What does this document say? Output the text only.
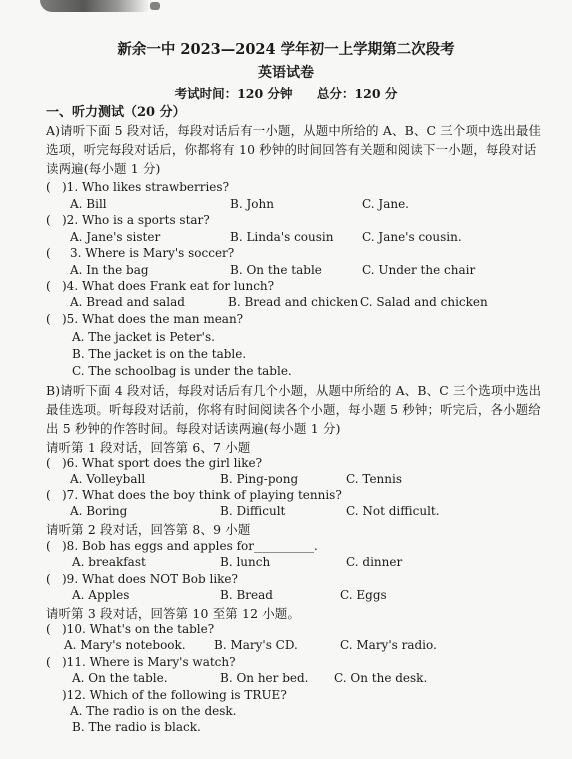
新余一中 2023—2024 学年初一上学期第二次段考
英语试卷
考试时间：120 分钟 总分：120 分
一、听力测试（20 分）
A)请听下面 5 段对话，每段对话后有一小题，从题中所给的 A、B、C 三个项中选出最佳
选项，听完每段对话后，你都将有 10 秒钟的时间回答有关题和阅读下一小题，每段对话
读两遍(每小题 1 分)
( )1. Who likes strawberries?
A. Bill	B. John	C. Jane.
( )2. Who is a sports star?
A. Jane's sister	B. Linda's cousin C. Jane's cousin.
( 3. Where is Mary's soccer?
A. In the bag	B. On the table	C. Under the chair
( )4. What does Frank eat for lunch?
A. Bread and salad	B. Bread and chicken C. Salad and chicken
( )5. What does the man mean?
A. The jacket is Peter's.
B. The jacket is on the table.
C. The schoolbag is under the table.
B)请听下面 4 段对话，每段对话后有几个小题，从题中所给的 A、B、C 三个选项中选出
最佳选项。听每段对话前，你将有时间阅读各个小题，每小题 5 秒钟；听完后，各小题给
出 5 秒钟的作答时间。每段对话读两遍(每小题 1 分)
请听第 1 段对话，回答第 6、7 小题
( )6. What sport does the girl like?
A. Volleyball	B. Ping-pong	C. Tennis
( )7. What does the boy think of playing tennis?
A. Boring	B. Difficult	C. Not difficult.
请听第 2 段对话，回答第 8、9 小题
( )8. Bob has eggs and apples for__________.
A. breakfast	B. lunch	C. dinner
( )9. What does NOT Bob like?
A. Apples	B. Bread	C. Eggs
请听第 3 段对话，回答第 10 至第 12 小题。
( )10. What's on the table?
A. Mary's notebook. B. Mary's CD.	C. Mary's radio.
( )11. Where is Mary's watch?
A. On the table.	B. On her bed. C. On the desk.
)12. Which of the following is TRUE?
A. The radio is on the desk.
B. The radio is black.
